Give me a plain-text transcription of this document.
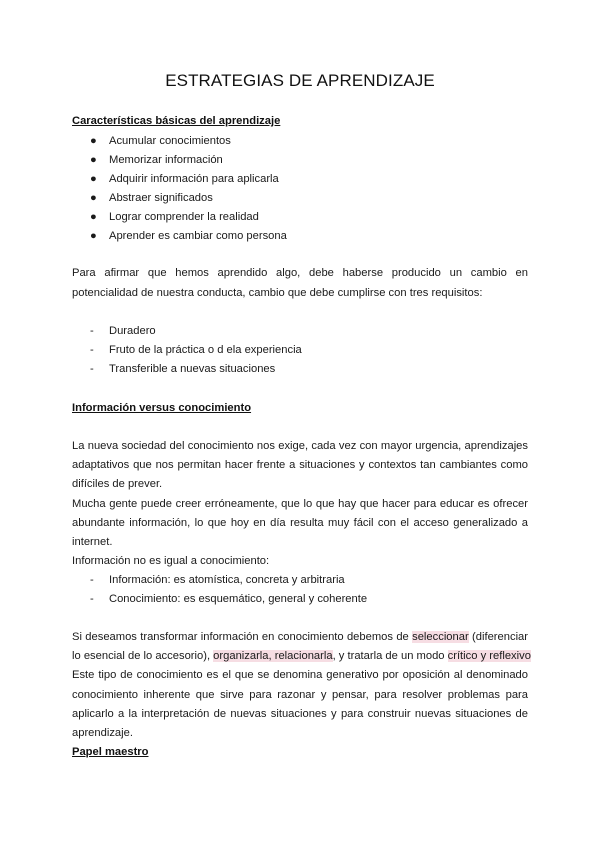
ESTRATEGIAS DE APRENDIZAJE
Características básicas del aprendizaje
● Acumular conocimientos
● Memorizar información
● Adquirir información para aplicarla
● Abstraer significados
● Lograr comprender la realidad
● Aprender es cambiar como persona
Para afirmar que hemos aprendido algo, debe haberse producido un cambio en
potencialidad de nuestra conducta, cambio que debe cumplirse con tres requisitos:
- Duradero
- Fruto de la práctica o d ela experiencia
- Transferible a nuevas situaciones
Información versus conocimiento
La nueva sociedad del conocimiento nos exige, cada vez con mayor urgencia, aprendizajes
adaptativos que nos permitan hacer frente a situaciones y contextos tan cambiantes como
difíciles de prever.
Mucha gente puede creer erróneamente, que lo que hay que hacer para educar es ofrecer
abundante información, lo que hoy en día resulta muy fácil con el acceso generalizado a
internet.
Información no es igual a conocimiento:
- Información: es atomística, concreta y arbitraria
- Conocimiento: es esquemático, general y coherente
Si deseamos transformar información en conocimiento debemos de seleccionar (diferenciar
lo esencial de lo accesorio), organizarla, relacionarla, y tratarla de un modo crítico y reflexivo
Este tipo de conocimiento es el que se denomina generativo por oposición al denominado
conocimiento inherente que sirve para razonar y pensar, para resolver problemas para
aplicarlo a la interpretación de nuevas situaciones y para construir nuevas situaciones de
aprendizaje.
Papel maestro
